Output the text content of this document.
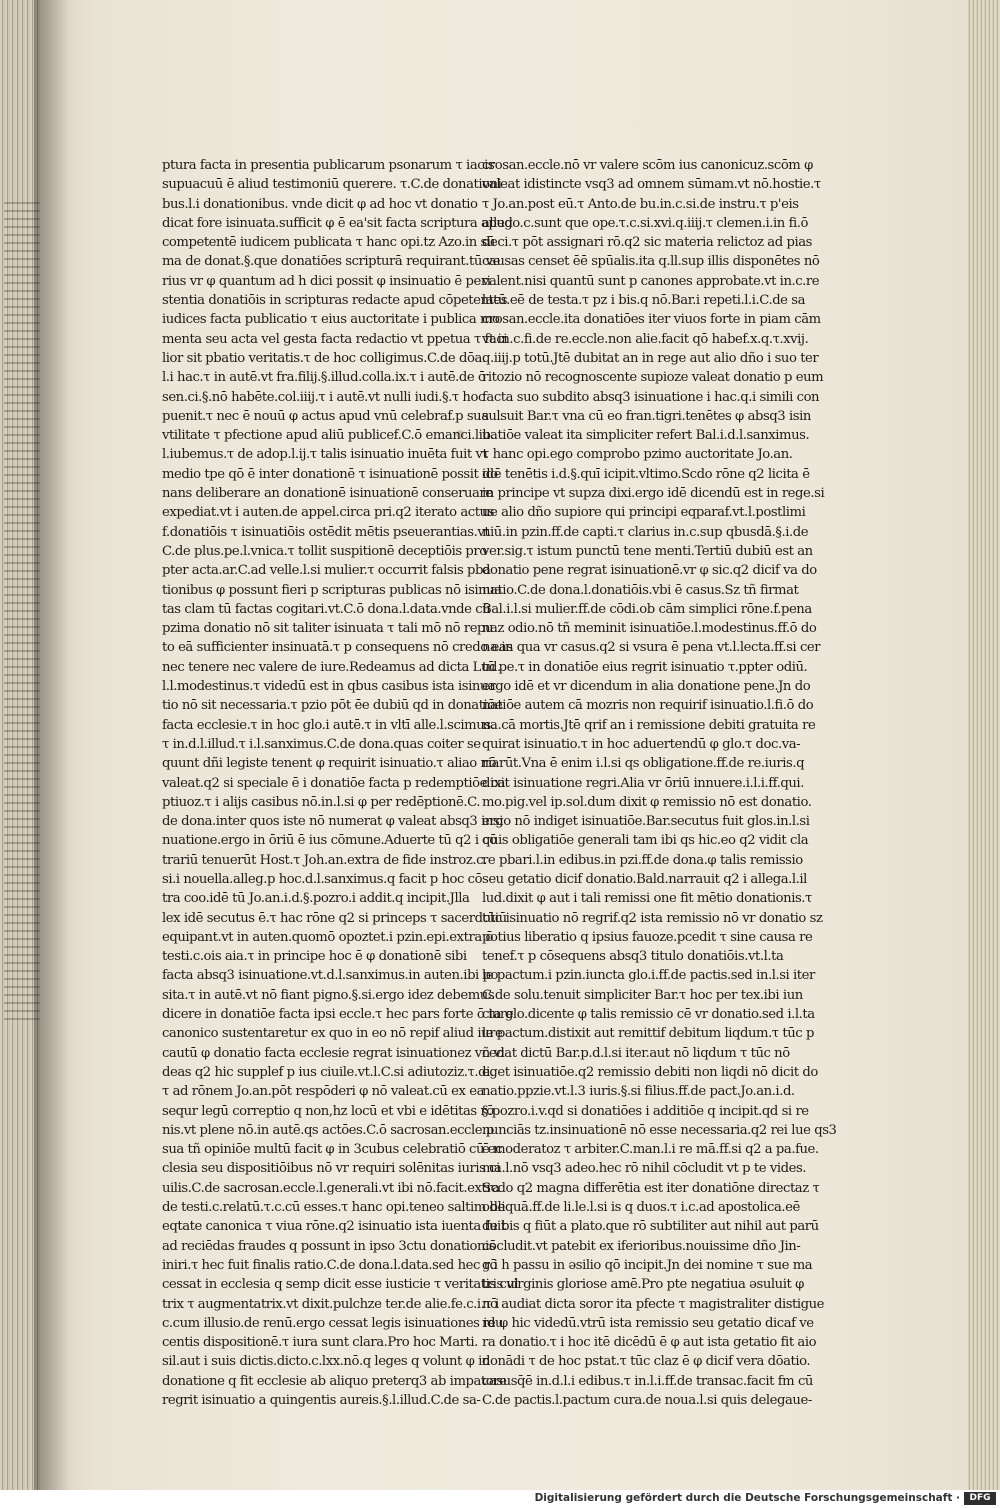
ptura facta in presentia publicarum psonarum τ iacis
supuacuū ē aliud testimoniū querere. τ.C.de donationi
bus.l.i donationibus. vnde dicit φ ad hoc vt donatio
dicat fore isinuata.sufficit φ ē ea'sit facta scriptura apud
competentē iudicem publicata τ hanc opi.tz Azo.in sū
ma de donat.§.que donatiōes scripturā requirant.tū ve
rius vr φ quantum ad h dici possit φ insinuatio ē peri
stentia donatiōis in scripturas redacte apud cōpetentes
iudices facta publicatio τ eius auctoritate i publica mo
menta seu acta vel gesta facta redactio vt ppetua τ faci
lior sit pbatio veritatis.τ de hoc colligimus.C.de dōa.
l.i hac.τ in autē.vt fra.filij.§.illud.colla.ix.τ i autē.de ō
sen.ci.§.nō habēte.col.iiij.τ i autē.vt nulli iudi.§.τ hoc
puenit.τ nec ē nouū φ actus apud vnū celebraf.p sua
vtilitate τ pfectione apud aliū publicef.C.ō emanci.lib.
l.iubemus.τ de adop.l.ij.τ talis isinuatio inuēta fuit vt
medio tpe qō ē inter donationē τ isinuationē possit do
nans deliberare an donationē isinuationē conseruare
expediat.vt i auten.de appel.circa pri.q2 iterato actus
f.donatiōis τ isinuatiōis ostēdit mētis pseuerantias.vt
C.de plus.pe.l.vnica.τ tollit suspitionē deceptiōis pro
pter acta.ar.C.ad velle.l.si mulier.τ occurrit falsis pba
tionibus φ possunt fieri p scripturas publicas nō isinua
tas clam tū factas cogitari.vt.C.ō dona.l.data.vnde cū
pzima donatio nō sit taliter isinuata τ tali mō nō repu
to eā sufficienter insinuatā.τ p consequens nō credo eas
nec tenere nec valere de iure.Redeamus ad dicta Lud.
l.l.modestinus.τ videdū est in qbus casibus ista isinua
tio nō sit necessaria.τ pzio pōt ēe dubiū qd in donatiōe
facta ecclesie.τ in hoc glo.i autē.τ in vltī alle.l.scimus.
τ in.d.l.illud.τ i.l.sanximus.C.de dona.quas coiter se
quunt dñi legiste tenent φ requirit isinuatio.τ aliao nō
valeat.q2 si speciale ē i donatiōe facta p redemptiōe ca
ptiuoz.τ i alijs casibus nō.in.l.si φ per redēptionē.C.
de dona.inter quos iste nō numerat φ valeat absq3 insi
nuatione.ergo in ōriū ē ius cōmune.Aduerte tū q2 i cō
trariū tenuerūt Host.τ Joh.an.extra de fide instroz.c.
si.i nouella.alleg.p hoc.d.l.sanximus.q facit p hoc cō
tra coo.idē tū Jo.an.i.d.§.pozro.i addit.q incipit.Jlla
lex idē secutus ē.τ hac rōne q2 si princeps τ sacerdotiū
equipant.vt in auten.quomō opoztet.i pzin.epi.extra ō
testi.c.ois aia.τ in principe hoc ē φ donationē sibi
facta absq3 isinuatione.vt.d.l.sanximus.in auten.ibi po
sita.τ in autē.vt nō fiant pigno.§.si.ergo idez debemus
dicere in donatiōe facta ipsi eccle.τ hec pars forte ō iure
canonico sustentaretur ex quo in eo nō repif aliud iure
cautū φ donatio facta ecclesie regrat isinuationez vñ vi
deas q2 hic supplef p ius ciuile.vt.l.C.si adiutoziz.τ.di.
τ ad rōnem Jo.an.pōt respōderi φ nō valeat.cū ex ea
sequr legū correptio q non,hz locū et vbi e idētitas rō
nis.vt plene nō.in autē.qs actōes.C.ō sacrosan.eccle.p
sua tñ opiniōe multū facit φ in 3cubus celebratiō cū ec
clesia seu dispositiōibus nō vr requiri solēnitas iuris ci
uilis.C.de sacrosan.eccle.l.generali.vt ibi nō.facit.extra
de testi.c.relatū.τ.c.cū esses.τ hanc opi.teneo saltim de
eqtate canonica τ viua rōne.q2 isinuatio ista iuenta fuit
ad reciēdas fraudes q possunt in ipso 3ctu donationis
iniri.τ hec fuit finalis ratio.C.de dona.l.data.sed hec rō
cessat in ecclesia q semp dicit esse iusticie τ veritatis cul
trix τ augmentatrix.vt dixit.pulchze ter.de alie.fe.c.i.τ i
c.cum illusio.de renū.ergo cessat legis isinuationes idu
centis dispositionē.τ iura sunt clara.Pro hoc Marti.
sil.aut i suis dictis.dicto.c.lxx.nō.q leges q volunt φ in
donatione q fit ecclesie ab aliquo preterq3 ab impatore
regrit isinuatio a quingentis aureis.§.l.illud.C.de sa-
crosan.eccle.nō vr valere scōm ius canonicuz.scōm φ
valeat idistincte vsq3 ad omnem sūmam.vt nō.hostie.τ
τ Jo.an.post eū.τ Anto.de bu.in.c.si.de instru.τ p'eis
allego.c.sunt que ope.τ.c.si.xvi.q.iiij.τ clemen.i.in fi.ō
deci.τ pōt assignari rō.q2 sic materia relictoz ad pias
causas censet ēē spūalis.ita q.ll.sup illis disponētes nō
valent.nisi quantū sunt p canones approbate.vt in.c.re
latū.eē de testa.τ pz i bis.q nō.Bar.i repeti.l.i.C.de sa
crosan.eccle.ita donatiōes iter viuos forte in piam cām
vt in.c.fi.de re.eccle.non alie.facit qō habef.x.q.τ.xvij.
q.iiij.p totū.Jtē dubitat an in rege aut alio dño i suo ter
ritozio nō recognoscente supioze valeat donatio p eum
facta suo subdito absq3 isinuatione i hac.q.i simili con
sulsuit Bar.τ vna cū eo fran.tigri.tenētes φ absq3 isin
uatiōe valeat ita simpliciter refert Bal.i.d.l.sanximus.
τ hanc opi.ego comprobo pzimo auctoritate Jo.an.
idē tenētis i.d.§.quī icipit.vltimo.Scdo rōne q2 licita ē
in principe vt supza dixi.ergo idē dicendū est in rege.si
ue alio dño supiore qui principi eqparaf.vt.l.postlimi
niū.in pzin.ff.de capti.τ clarius in.c.sup qbusdā.§.i.de
ver.sig.τ istum punctū tene menti.Tertiū dubiū est an
donatio pene regrat isinuationē.vr φ sic.q2 dicif va do
natio.C.de dona.l.donatiōis.vbi ē casus.Sz tñ firmat
Bal.i.l.si mulier.ff.de cōdi.ob cām simplici rōne.f.pena
naz odio.nō tñ meminit isinuatiōe.l.modestinus.ff.ō do
na.in qua vr casus.q2 si vsura ē pena vt.l.lecta.ff.si cer
tū pe.τ in donatiōe eius regrit isinuatio τ.ppter odiū.
ergo idē et vr dicendum in alia donatione pene.Jn do
natiōe autem cā mozris non requirif isinuatio.l.fi.ō do
na.cā mortis.Jtē qrif an i remissione debiti gratuita re
quirat isinuatio.τ in hoc aduertendū φ glo.τ doc.va-
riarūt.Vna ē enim i.l.si qs obligatione.ff.de re.iuris.q
dixit isinuatione regri.Alia vr ōriū innuere.i.l.i.ff.qui.
mo.pig.vel ip.sol.dum dixit φ remissio nō est donatio.
ergo nō indiget isinuatiōe.Bar.secutus fuit glos.in.l.si
quis obligatiōe generali tam ibi qs hic.eo q2 vidit cla
re pbari.l.in edibus.in pzi.ff.de dona.φ talis remissio
seu getatio dicif donatio.Bald.narrauit q2 i allega.l.il
lud.dixit φ aut i tali remissi one fit mētio donationis.τ
tūc isinuatio nō regrif.q2 ista remissio nō vr donatio sz
potius liberatio q ipsius fauoze.pcedit τ sine causa re
tenef.τ p cōsequens absq3 titulo donatiōis.vt.l.ta
le pactum.i pzin.iuncta glo.i.ff.de pactis.sed in.l.si iter
C.de solu.tenuit simpliciter Bar.τ hoc per tex.ibi iun
cta glo.dicente φ talis remissio cē vr donatio.sed i.l.ta
le pactum.distixit aut remittif debitum liqdum.τ tūc p
cedat dictū Bar.p.d.l.si iter.aut nō liqdum τ tūc nō
eget isinuatiōe.q2 remissio debiti non liqdi nō dicit do
natio.ppzie.vt.l.3 iuris.§.si filius.ff.de pact.Jo.an.i.d.
§.pozro.i.v.qd si donatiōes i additiōe q incipit.qd si re
nunciās tz.insinuationē nō esse necessaria.q2 rei lue qs3
ē moderatoz τ arbiter.C.man.l.i re mā.ff.si q2 a pa.fue.
ma.l.nō vsq3 adeo.hec rō nihil cōcludit vt p te vides.
Scdo q2 magna differētia est iter donatiōne directaz τ
obliquā.ff.de li.le.l.si is q duos.τ i.c.ad apostolica.eē
de bis q fiūt a plato.que rō subtiliter aut nihil aut parū
cōcludit.vt patebit ex iferioribus.nouissime dño Jin-
g.i h passu in əsilio qō incipit.Jn dei nomine τ sue ma
tris virginis gloriose amē.Pro pte negatiua əsuluit φ
nō audiat dicta soror ita pfecte τ magistraliter distigue
re φ hic videdū.vtrū ista remissio seu getatio dicaf ve
ra donatio.τ i hoc itē dicēdū ē φ aut ista getatio fit aio
donādi τ de hoc pstat.τ tūc claz ē φ dicif vera dōatio.
casusq̄ē in.d.l.i edibus.τ in.l.i.ff.de transac.facit fm cū
C.de pactis.l.pactum cura.de noua.l.si quis delegaue-
Digitalisierung gefördert durch die Deutsche Forschungsgemeinschaft ·	DFG
